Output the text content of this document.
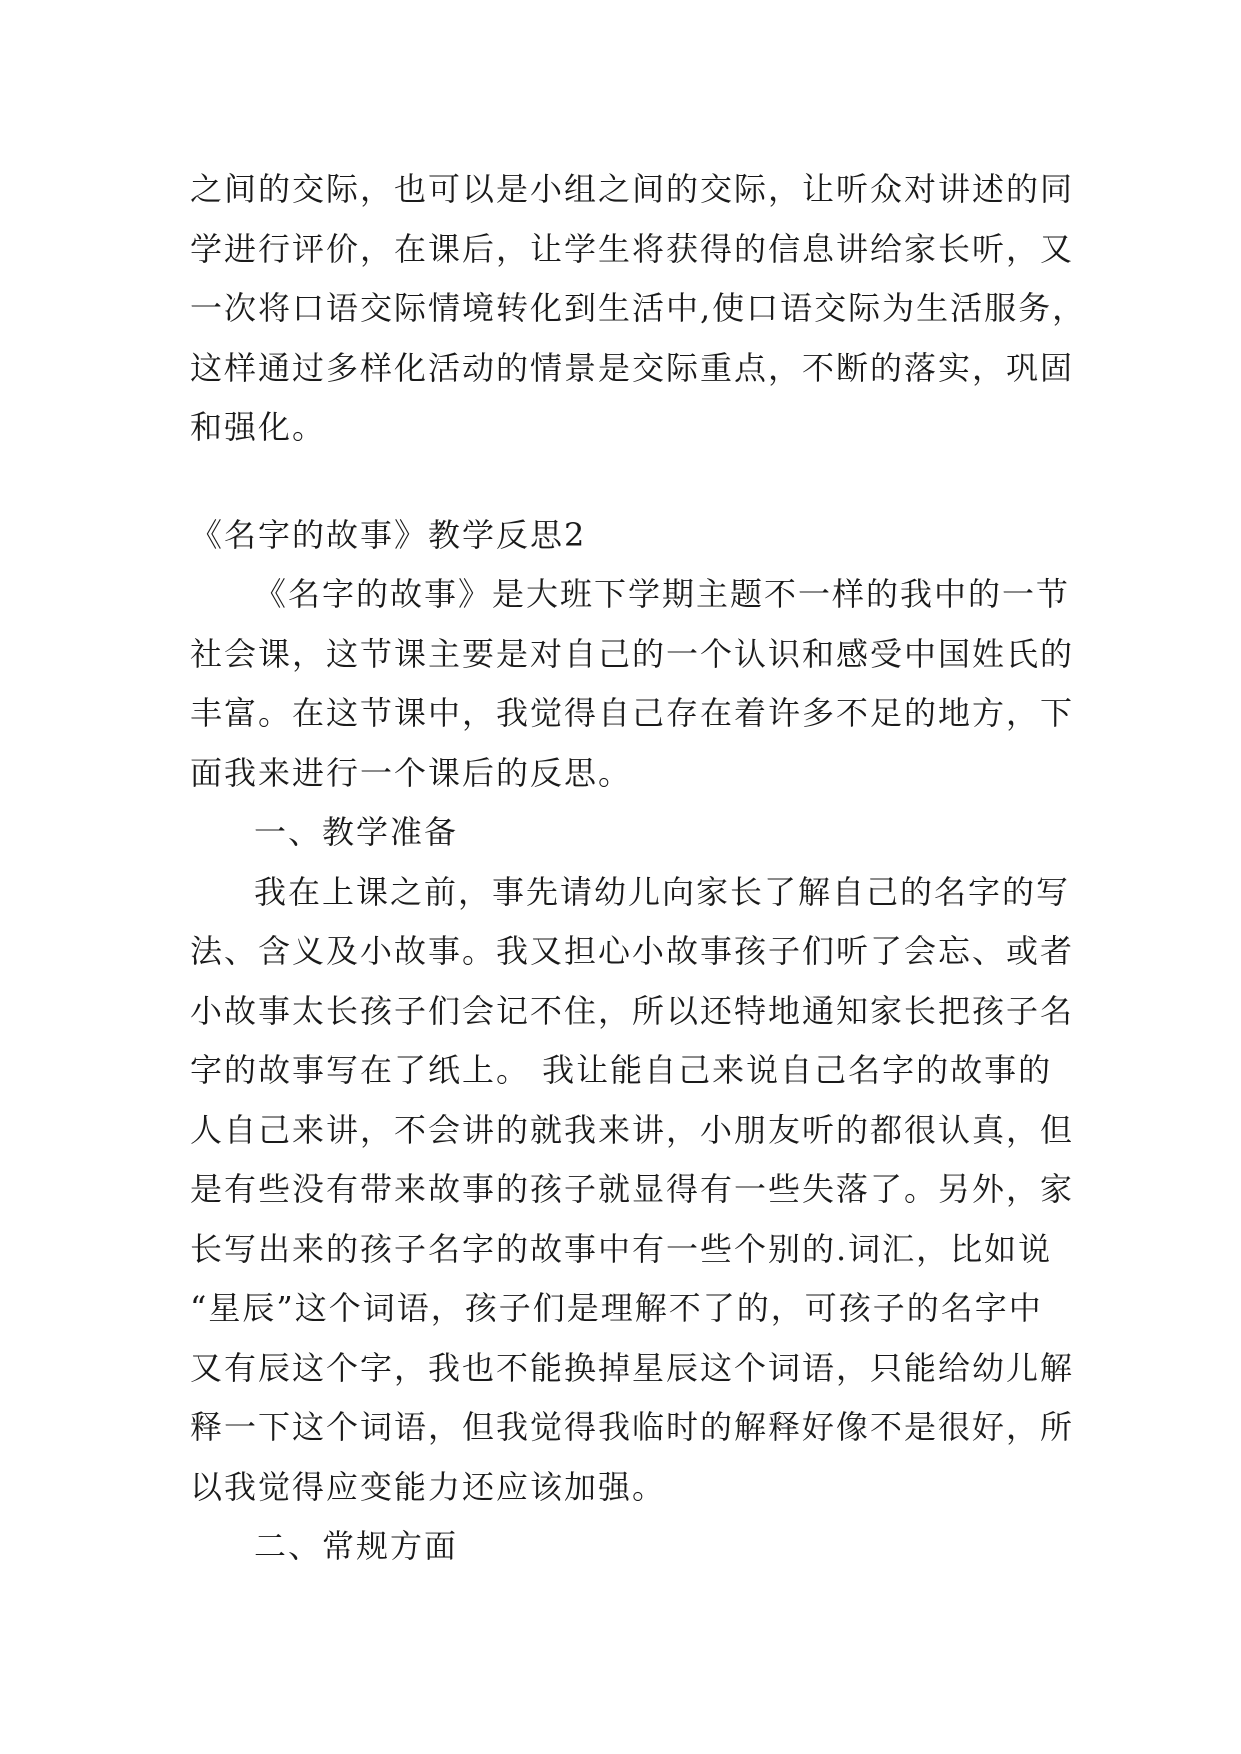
之间的交际，也可以是小组之间的交际，让听众对讲述的同
学进行评价，在课后，让学生将获得的信息讲给家长听，又
一次将口语交际情境转化到生活中,使口语交际为生活服务，
这样通过多样化活动的情景是交际重点，不断的落实，巩固
和强化。
《名字的故事》教学反思2
《名字的故事》是大班下学期主题不一样的我中的一节
社会课，这节课主要是对自己的一个认识和感受中国姓氏的
丰富。在这节课中，我觉得自己存在着许多不足的地方，下
面我来进行一个课后的反思。
一、教学准备
我在上课之前，事先请幼儿向家长了解自己的名字的写
法、含义及小故事。我又担心小故事孩子们听了会忘、或者
小故事太长孩子们会记不住，所以还特地通知家长把孩子名
字的故事写在了纸上。 我让能自己来说自己名字的故事的
人自己来讲，不会讲的就我来讲，小朋友听的都很认真，但
是有些没有带来故事的孩子就显得有一些失落了。另外，家
长写出来的孩子名字的故事中有一些个别的.词汇，比如说
“星辰”这个词语，孩子们是理解不了的，可孩子的名字中
又有辰这个字，我也不能换掉星辰这个词语，只能给幼儿解
释一下这个词语，但我觉得我临时的解释好像不是很好，所
以我觉得应变能力还应该加强。
二、常规方面
